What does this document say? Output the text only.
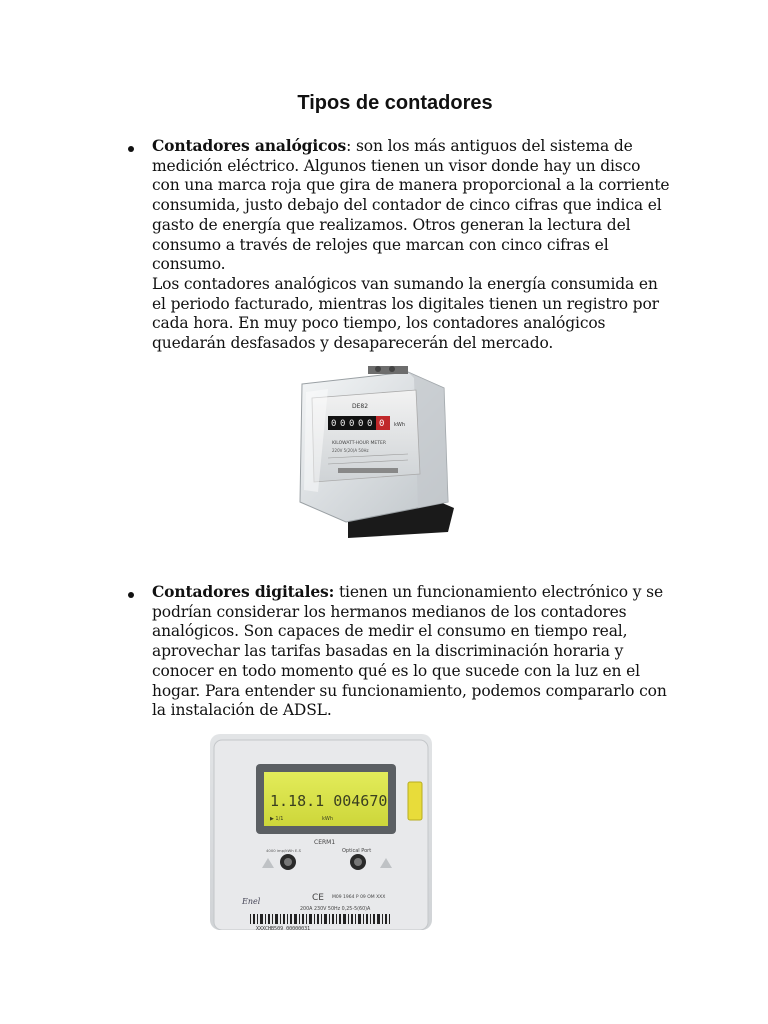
Tipos de contadores

Contadores analógicos: son los más antiguos del sistema de medición eléctrico. Algunos tienen un visor donde hay un disco con una marca roja que gira de manera proporcional a la corriente consumida, justo debajo del contador de cinco cifras que indica el gasto de energía que realizamos. Otros generan la lectura del consumo a través de relojes que marcan con cinco cifras el consumo.

Los contadores analógicos van sumando la energía consumida en el periodo facturado, mientras los digitales tienen un registro por cada hora. En muy poco tiempo, los contadores analógicos quedarán desfasados y desaparecerán del mercado.

DE82
0 0 0 0 0 0 kWh
KILOWATT-HOUR METER
220V 5(20)A 50Hz

Contadores digitales: tienen un funcionamiento electrónico y se podrían considerar los hermanos medianos de los contadores analógicos. Son capaces de medir el consumo en tiempo real, aprovechar las tarifas basadas en la discriminación horaria y conocer en todo momento qué es lo que sucede con la luz en el hogar. Para entender su funcionamiento, podemos compararlo con la instalación de ADSL.

1.18.1 004670
▶ 1/1	kWh
CERM1
4000 imp/kWh E-S	Optical Port
Enel	CE M09 1964 P 09 OM XXX
200A 230V 50Hz 0,25-5(60)A
XXXCHB509 00000031
